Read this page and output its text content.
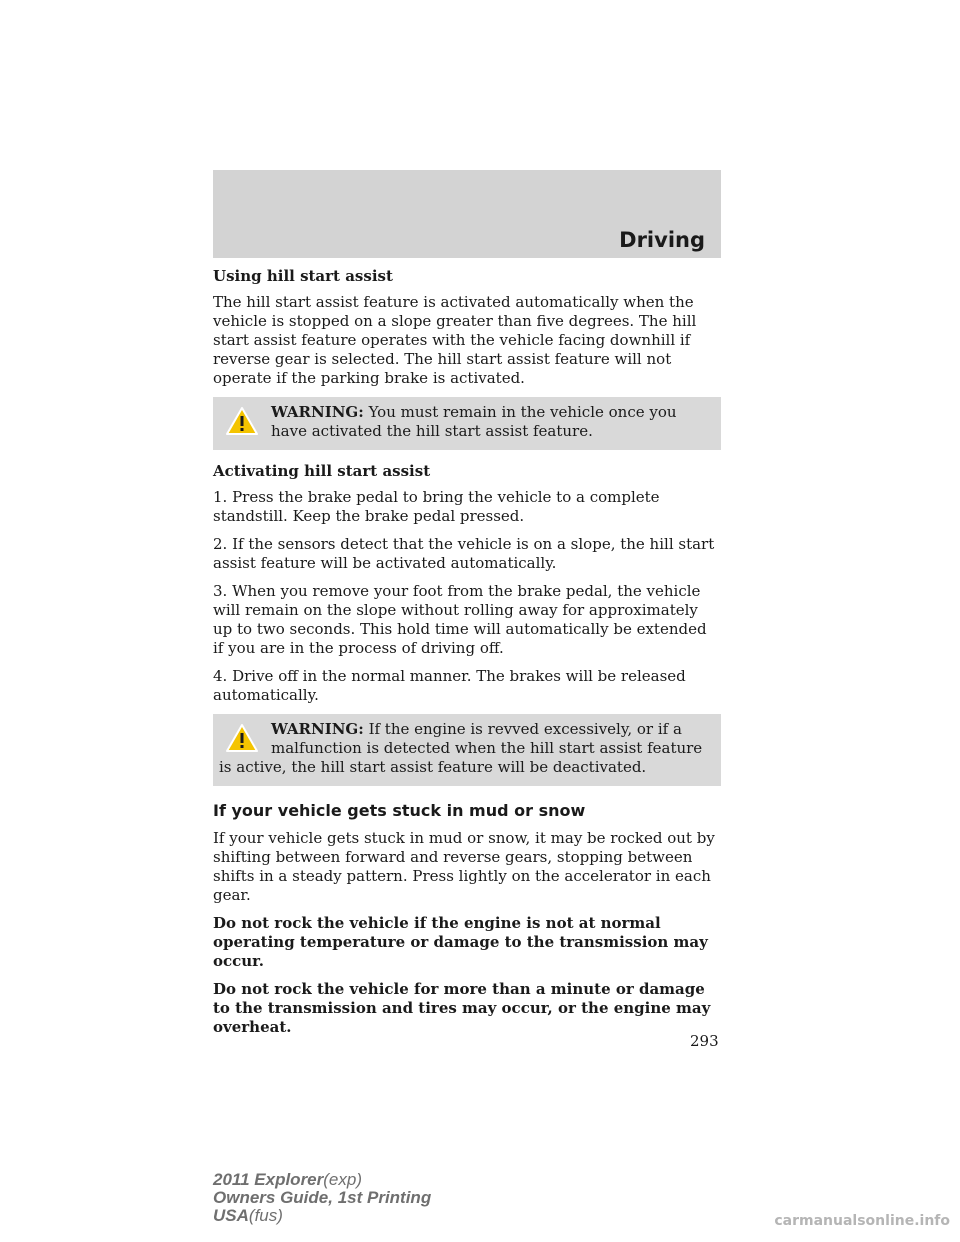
Driving
Using hill start assist

The hill start assist feature is activated automatically when the vehicle is stopped on a slope greater than five degrees. The hill start assist feature operates with the vehicle facing downhill if reverse gear is selected. The hill start assist feature will not operate if the parking brake is activated.

WARNING: You must remain in the vehicle once you have activated the hill start assist feature.
Activating hill start assist

1. Press the brake pedal to bring the vehicle to a complete standstill. Keep the brake pedal pressed.

2. If the sensors detect that the vehicle is on a slope, the hill start assist feature will be activated automatically.

3. When you remove your foot from the brake pedal, the vehicle will remain on the slope without rolling away for approximately up to two seconds. This hold time will automatically be extended if you are in the process of driving off.

4. Drive off in the normal manner. The brakes will be released automatically.

WARNING: If the engine is revved excessively, or if a malfunction is detected when the hill start assist feature is active, the hill start assist feature will be deactivated.
If your vehicle gets stuck in mud or snow

If your vehicle gets stuck in mud or snow, it may be rocked out by shifting between forward and reverse gears, stopping between shifts in a steady pattern. Press lightly on the accelerator in each gear.

Do not rock the vehicle if the engine is not at normal operating temperature or damage to the transmission may occur.

Do not rock the vehicle for more than a minute or damage to the transmission and tires may occur, or the engine may overheat.

293
2011 Explorer(exp)
Owners Guide, 1st Printing
USA(fus)	carmanualsonline.info
